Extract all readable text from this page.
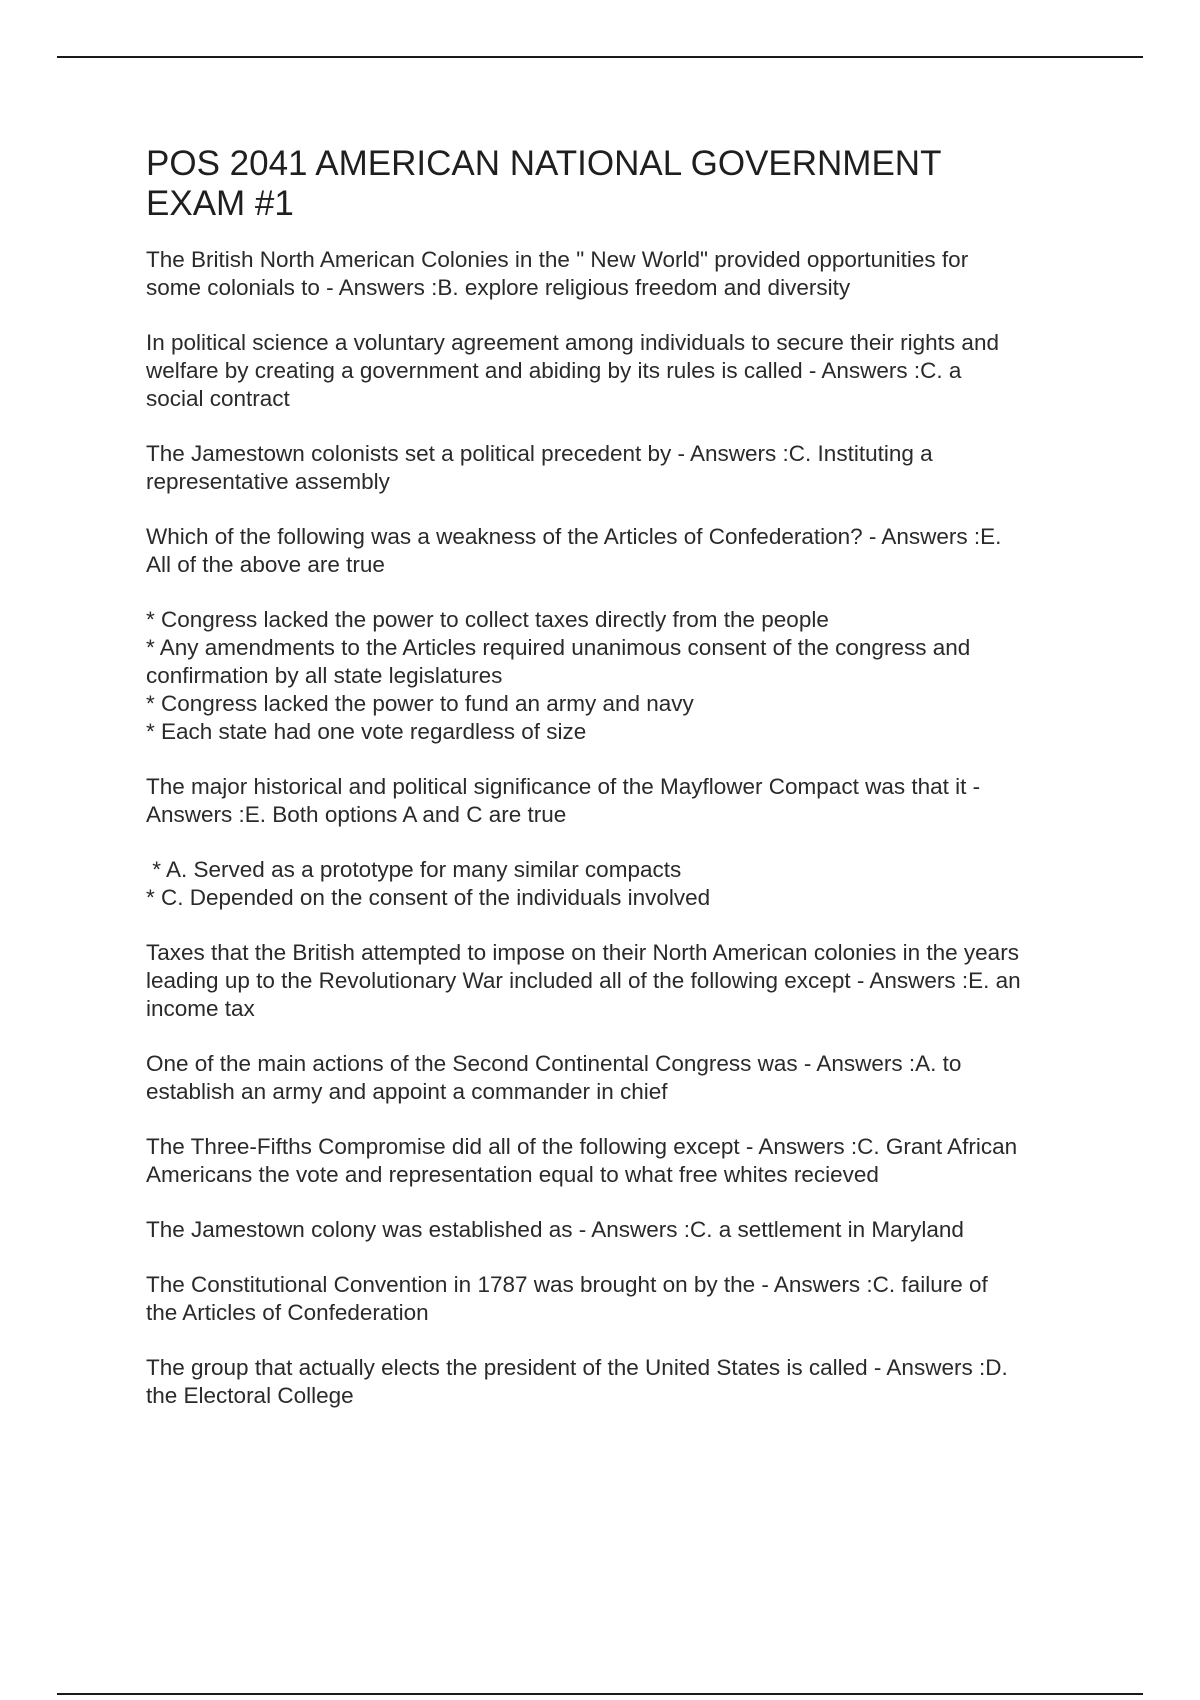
POS 2041 AMERICAN NATIONAL GOVERNMENT
EXAM #1

The British North American Colonies in the " New World" provided opportunities for
some colonials to - Answers :B. explore religious freedom and diversity

In political science a voluntary agreement among individuals to secure their rights and
welfare by creating a government and abiding by its rules is called - Answers :C. a
social contract

The Jamestown colonists set a political precedent by - Answers :C. Instituting a
representative assembly

Which of the following was a weakness of the Articles of Confederation? - Answers :E.
All of the above are true

* Congress lacked the power to collect taxes directly from the people
* Any amendments to the Articles required unanimous consent of the congress and
confirmation by all state legislatures
* Congress lacked the power to fund an army and navy
* Each state had one vote regardless of size

The major historical and political significance of the Mayflower Compact was that it -
Answers :E. Both options A and C are true

* A. Served as a prototype for many similar compacts
* C. Depended on the consent of the individuals involved

Taxes that the British attempted to impose on their North American colonies in the years
leading up to the Revolutionary War included all of the following except - Answers :E. an
income tax

One of the main actions of the Second Continental Congress was - Answers :A. to
establish an army and appoint a commander in chief

The Three-Fifths Compromise did all of the following except - Answers :C. Grant African
Americans the vote and representation equal to what free whites recieved

The Jamestown colony was established as - Answers :C. a settlement in Maryland

The Constitutional Convention in 1787 was brought on by the - Answers :C. failure of
the Articles of Confederation

The group that actually elects the president of the United States is called - Answers :D.
the Electoral College
